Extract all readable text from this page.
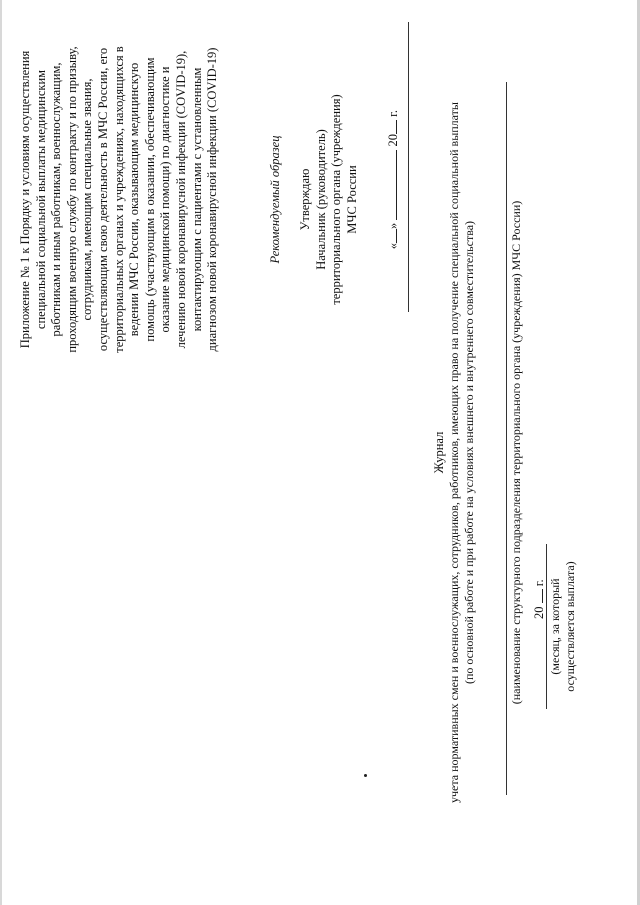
Приложение № 1 к Порядку и условиям осуществления специальной социальной выплаты медицинским работникам и иным работникам, военнослужащим, проходящим военную службу по контракту и по призыву, сотрудникам, имеющим специальные звания, осуществляющим свою деятельность в МЧС России, его территориальных органах и учреждениях, находящихся в ведении МЧС России, оказывающим медицинскую помощь (участвующим в оказании, обеспечивающим оказание медицинской помощи) по диагностике и лечению новой коронавирусной инфекции (COVID-19), контактирующим с пациентами с установленным диагнозом новой коронавирусной инфекции (COVID-19)	Рекомендуемый образец Утверждаю Начальник (руководитель) территориального органа (учреждения) МЧС России
«»  20 г.
Журнал учета нормативных смен и военнослужащих, сотрудников, работников, имеющих право на получение специальной социальной выплаты (по основной работе и при работе на условиях внешнего и внутреннего совместительства)	(наименование структурного подразделения территориального органа (учреждения) МЧС России) 20  г. (месяц, за который осуществляется выплата)
